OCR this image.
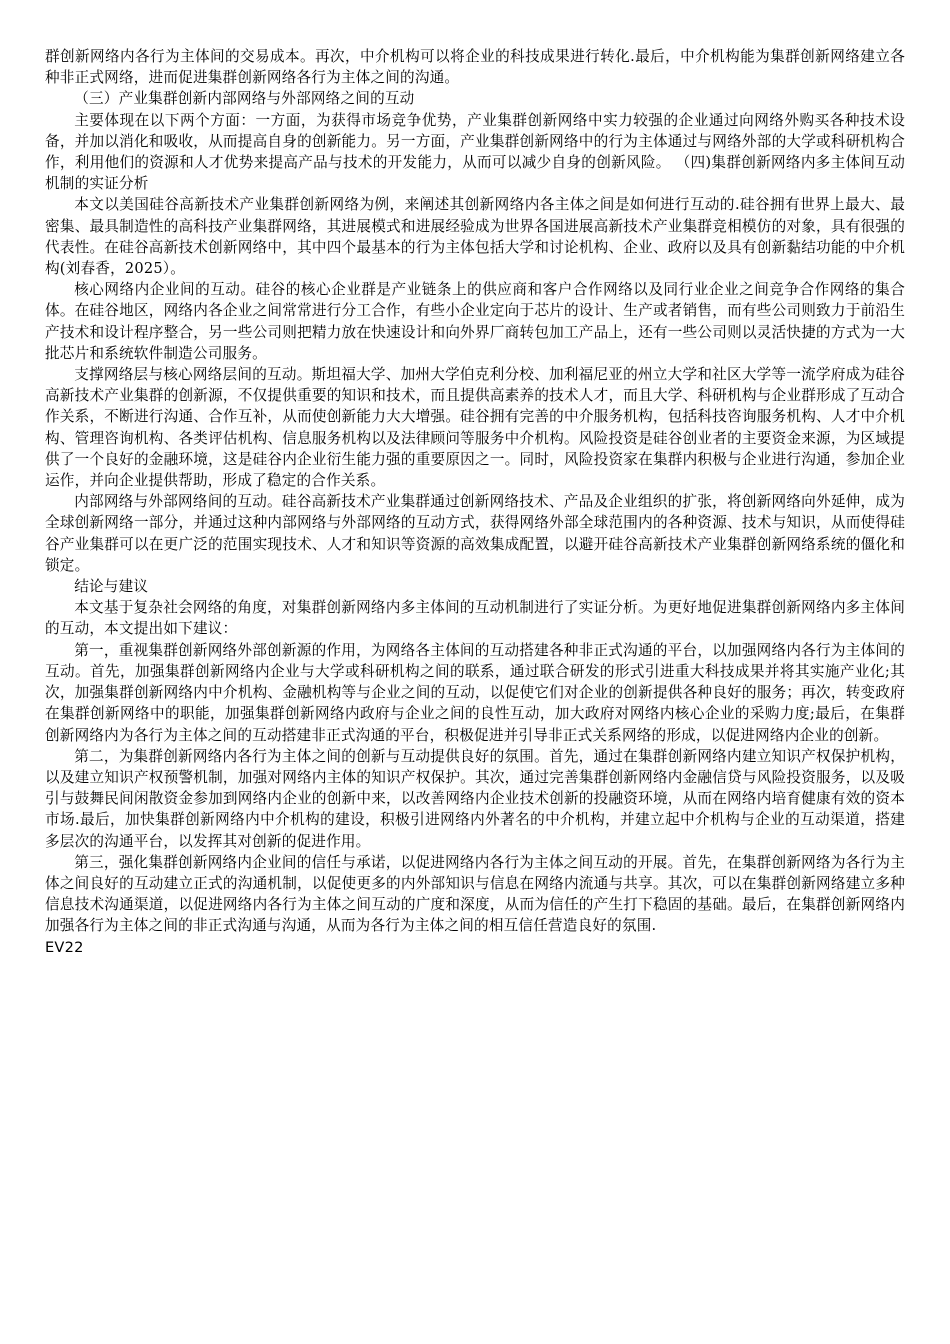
群创新网络内各行为主体间的交易成本。再次，中介机构可以将企业的科技成果进行转化.最后，中介机构能为集群创新网络建立各种非正式网络，进而促进集群创新网络各行为主体之间的沟通。

（三）产业集群创新内部网络与外部网络之间的互动

主要体现在以下两个方面：一方面，为获得市场竞争优势，产业集群创新网络中实力较强的企业通过向网络外购买各种技术设备，并加以消化和吸收，从而提高自身的创新能力。另一方面，产业集群创新网络中的行为主体通过与网络外部的大学或科研机构合作，利用他们的资源和人才优势来提高产品与技术的开发能力，从而可以减少自身的创新风险。 （四)集群创新网络内多主体间互动机制的实证分析

本文以美国硅谷高新技术产业集群创新网络为例，来阐述其创新网络内各主体之间是如何进行互动的.硅谷拥有世界上最大、最密集、最具制造性的高科技产业集群网络，其进展模式和进展经验成为世界各国进展高新技术产业集群竞相模仿的对象，具有很强的代表性。在硅谷高新技术创新网络中，其中四个最基本的行为主体包括大学和讨论机构、企业、政府以及具有创新黏结功能的中介机构(刘春香，2025）。

核心网络内企业间的互动。硅谷的核心企业群是产业链条上的供应商和客户合作网络以及同行业企业之间竞争合作网络的集合体。在硅谷地区，网络内各企业之间常常进行分工合作，有些小企业定向于芯片的设计、生产或者销售，而有些公司则致力于前沿生产技术和设计程序整合，另一些公司则把精力放在快速设计和向外界厂商转包加工产品上，还有一些公司则以灵活快捷的方式为一大批芯片和系统软件制造公司服务。

支撑网络层与核心网络层间的互动。斯坦福大学、加州大学伯克利分校、加利福尼亚的州立大学和社区大学等一流学府成为硅谷高新技术产业集群的创新源，不仅提供重要的知识和技术，而且提供高素养的技术人才，而且大学、科研机构与企业群形成了互动合作关系，不断进行沟通、合作互补，从而使创新能力大大增强。硅谷拥有完善的中介服务机构，包括科技咨询服务机构、人才中介机构、管理咨询机构、各类评估机构、信息服务机构以及法律顾问等服务中介机构。风险投资是硅谷创业者的主要资金来源，为区域提供了一个良好的金融环境，这是硅谷内企业衍生能力强的重要原因之一。同时，风险投资家在集群内积极与企业进行沟通，参加企业运作，并向企业提供帮助，形成了稳定的合作关系。

内部网络与外部网络间的互动。硅谷高新技术产业集群通过创新网络技术、产品及企业组织的扩张，将创新网络向外延伸，成为全球创新网络一部分，并通过这种内部网络与外部网络的互动方式，获得网络外部全球范围内的各种资源、技术与知识，从而使得硅谷产业集群可以在更广泛的范围实现技术、人才和知识等资源的高效集成配置，以避开硅谷高新技术产业集群创新网络系统的僵化和锁定。

结论与建议

本文基于复杂社会网络的角度，对集群创新网络内多主体间的互动机制进行了实证分析。为更好地促进集群创新网络内多主体间的互动，本文提出如下建议：

第一，重视集群创新网络外部创新源的作用，为网络各主体间的互动搭建各种非正式沟通的平台，以加强网络内各行为主体间的互动。首先，加强集群创新网络内企业与大学或科研机构之间的联系，通过联合研发的形式引进重大科技成果并将其实施产业化;其次，加强集群创新网络内中介机构、金融机构等与企业之间的互动，以促使它们对企业的创新提供各种良好的服务；再次，转变政府在集群创新网络中的职能，加强集群创新网络内政府与企业之间的良性互动，加大政府对网络内核心企业的采购力度;最后，在集群创新网络内为各行为主体之间的互动搭建非正式沟通的平台，积极促进并引导非正式关系网络的形成，以促进网络内企业的创新。

第二，为集群创新网络内各行为主体之间的创新与互动提供良好的氛围。首先，通过在集群创新网络内建立知识产权保护机构，以及建立知识产权预警机制，加强对网络内主体的知识产权保护。其次，通过完善集群创新网络内金融信贷与风险投资服务，以及吸引与鼓舞民间闲散资金参加到网络内企业的创新中来，以改善网络内企业技术创新的投融资环境，从而在网络内培育健康有效的资本市场.最后，加快集群创新网络内中介机构的建设，积极引进网络内外著名的中介机构，并建立起中介机构与企业的互动渠道，搭建多层次的沟通平台，以发挥其对创新的促进作用。

第三，强化集群创新网络内企业间的信任与承诺，以促进网络内各行为主体之间互动的开展。首先，在集群创新网络为各行为主体之间良好的互动建立正式的沟通机制，以促使更多的内外部知识与信息在网络内流通与共享。其次，可以在集群创新网络建立多种信息技术沟通渠道，以促进网络内各行为主体之间互动的广度和深度，从而为信任的产生打下稳固的基础。最后，在集群创新网络内加强各行为主体之间的非正式沟通与沟通，从而为各行为主体之间的相互信任营造良好的氛围.

EV22
